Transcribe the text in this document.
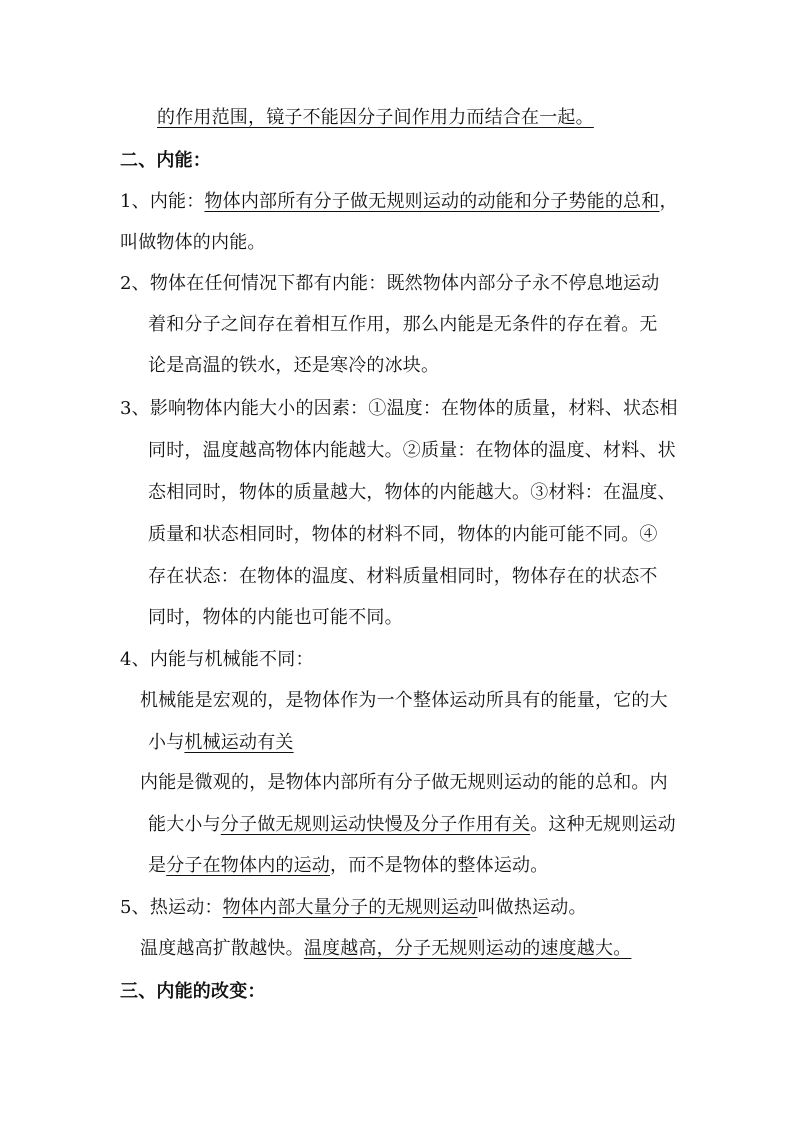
的作用范围，镜子不能因分子间作用力而结合在一起。
二、内能：
1、内能：物体内部所有分子做无规则运动的动能和分子势能的总和，
叫做物体的内能。
2、物体在任何情况下都有内能：既然物体内部分子永不停息地运动
着和分子之间存在着相互作用，那么内能是无条件的存在着。无
论是高温的铁水，还是寒冷的冰块。
3、影响物体内能大小的因素：①温度：在物体的质量，材料、状态相
同时，温度越高物体内能越大。②质量：在物体的温度、材料、状
态相同时，物体的质量越大，物体的内能越大。③材料：在温度、
质量和状态相同时，物体的材料不同，物体的内能可能不同。④
存在状态：在物体的温度、材料质量相同时，物体存在的状态不
同时，物体的内能也可能不同。
4、内能与机械能不同：
机械能是宏观的，是物体作为一个整体运动所具有的能量，它的大
小与机械运动有关
内能是微观的，是物体内部所有分子做无规则运动的能的总和。内
能大小与分子做无规则运动快慢及分子作用有关。这种无规则运动
是分子在物体内的运动，而不是物体的整体运动。
5、热运动：物体内部大量分子的无规则运动叫做热运动。
温度越高扩散越快。温度越高，分子无规则运动的速度越大。
三、内能的改变：
